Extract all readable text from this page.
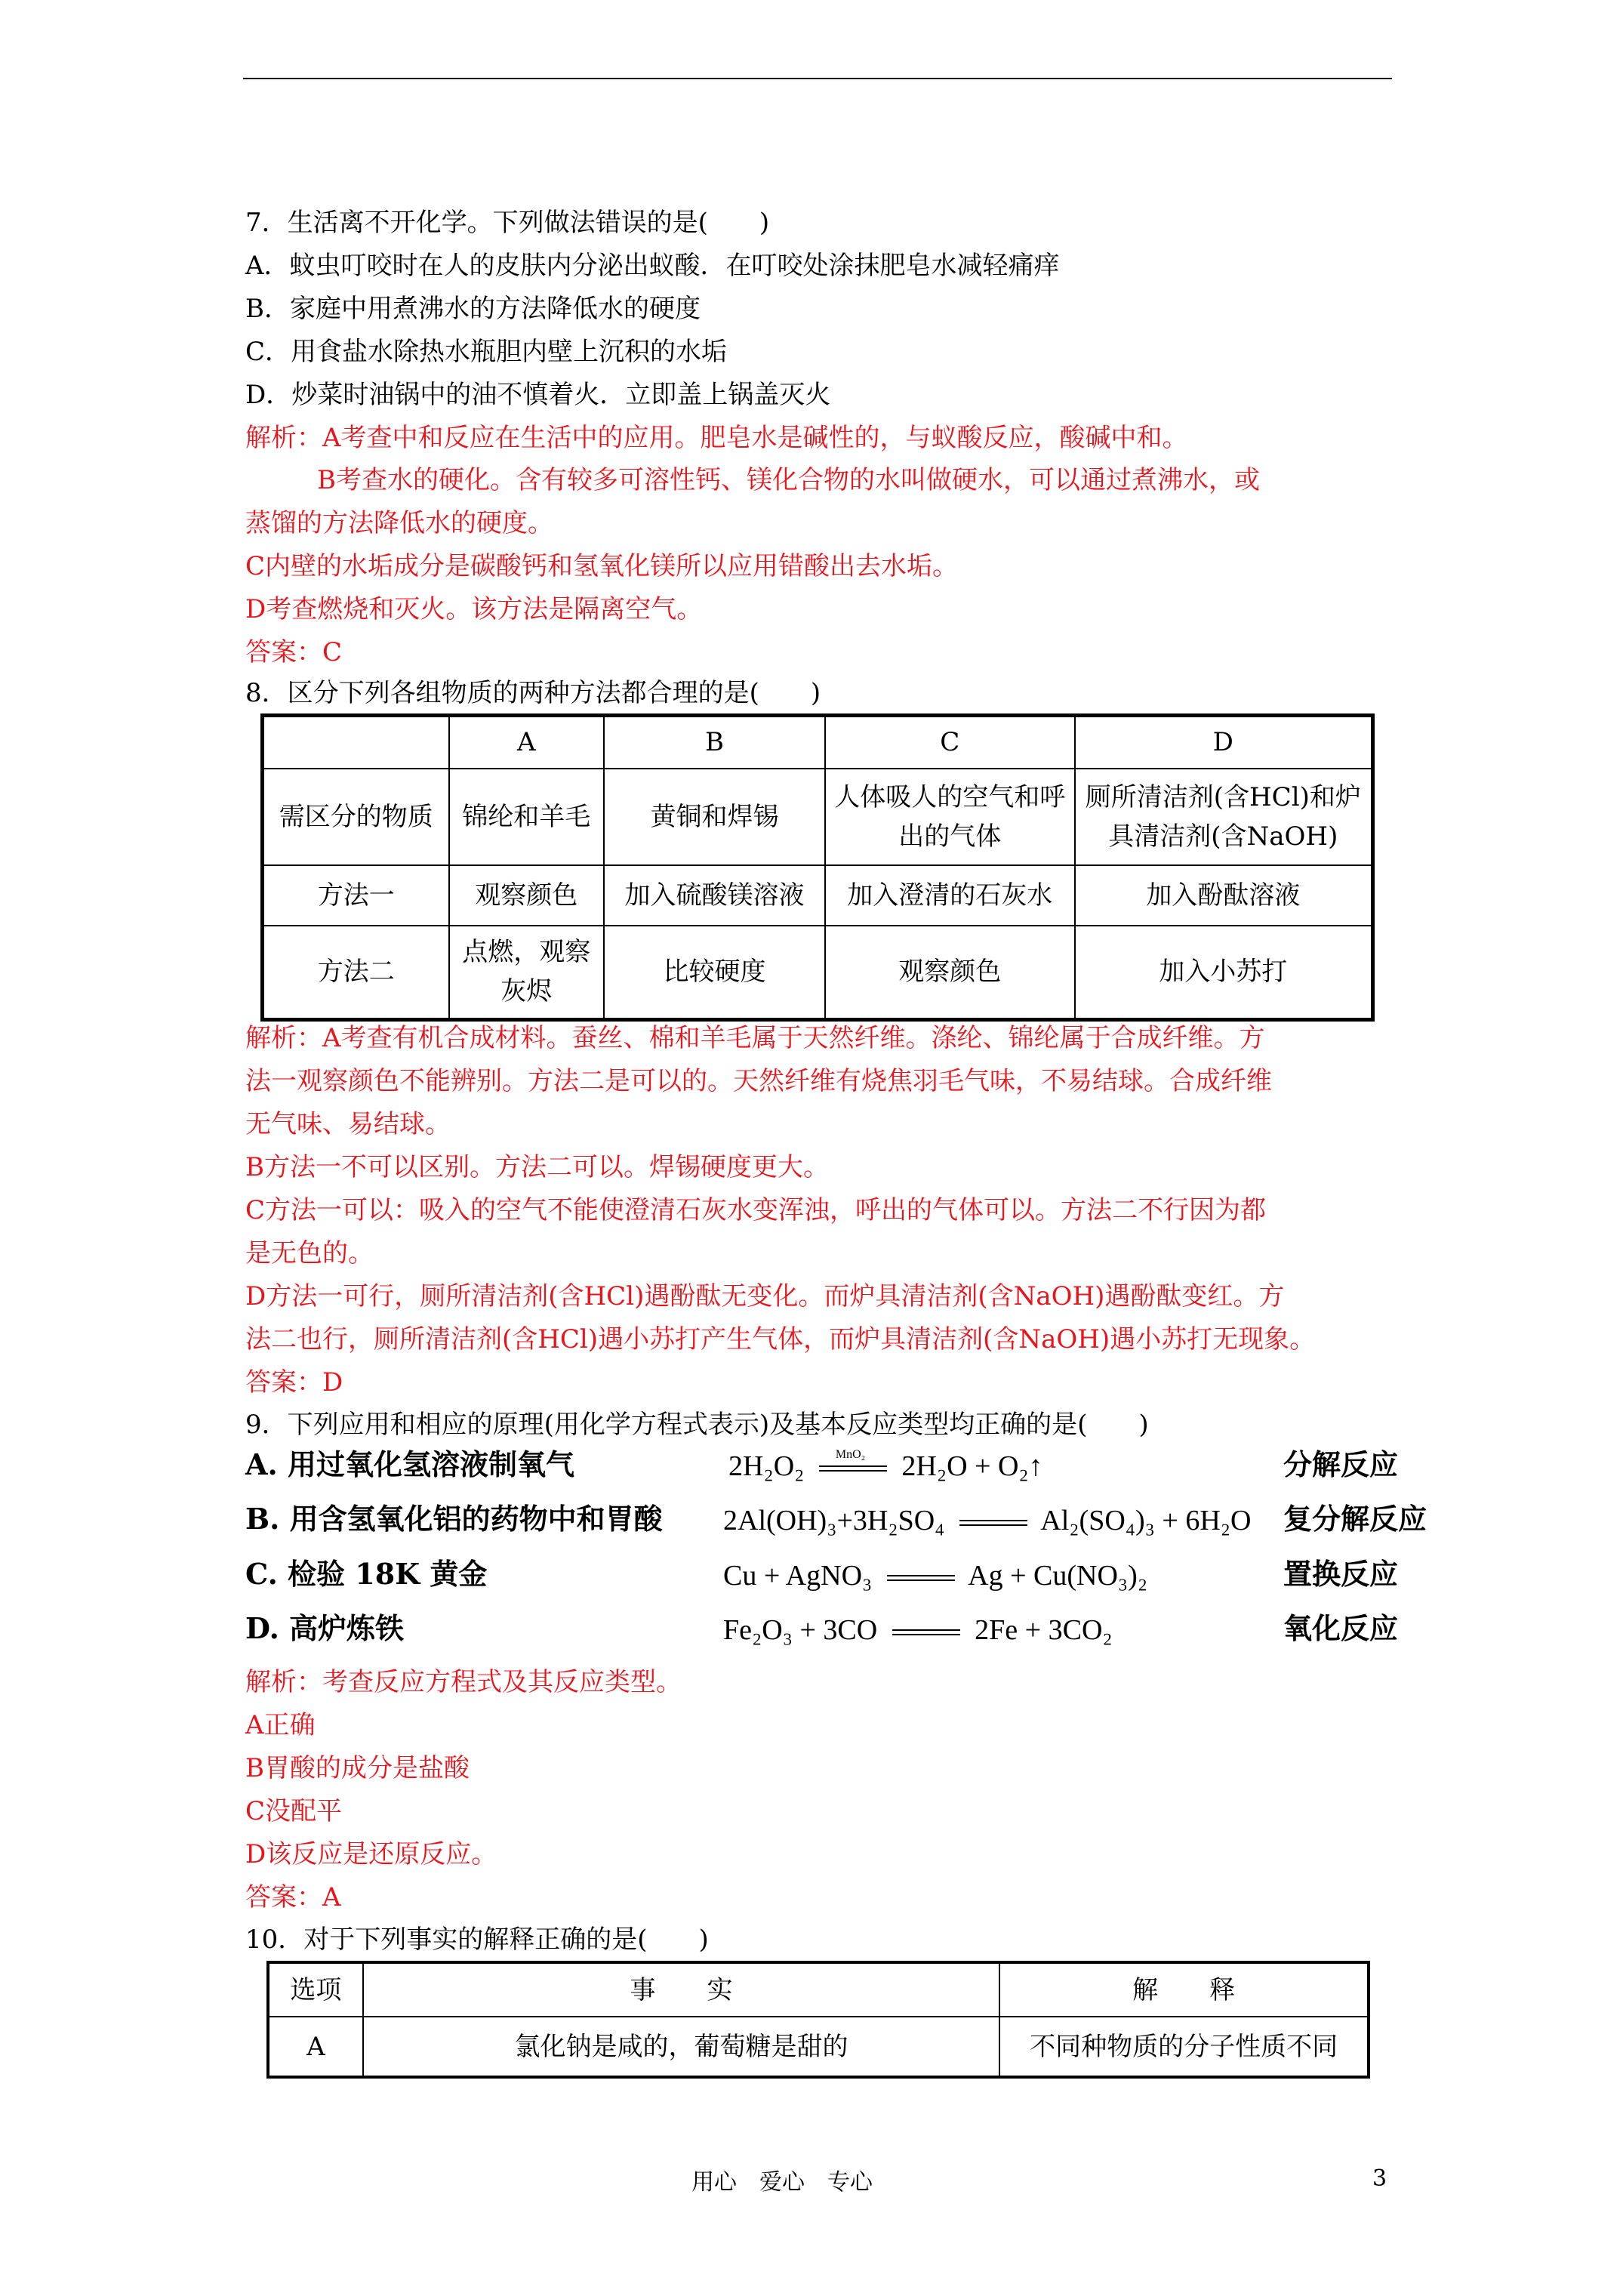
7．生活离不开化学。下列做法错误的是(　　)
A．蚊虫叮咬时在人的皮肤内分泌出蚁酸．在叮咬处涂抹肥皂水减轻痛痒
B．家庭中用煮沸水的方法降低水的硬度
C．用食盐水除热水瓶胆内壁上沉积的水垢
D．炒菜时油锅中的油不慎着火．立即盖上锅盖灭火
解析：A考查中和反应在生活中的应用。肥皂水是碱性的，与蚁酸反应，酸碱中和。
B考查水的硬化。含有较多可溶性钙、镁化合物的水叫做硬水，可以通过煮沸水，或
蒸馏的方法降低水的硬度。
C内壁的水垢成分是碳酸钙和氢氧化镁所以应用错酸出去水垢。
D考查燃烧和灭火。该方法是隔离空气。
答案：C
8．区分下列各组物质的两种方法都合理的是(　　)
	A	B	C	D
需区分的物质	锦纶和羊毛	黄铜和焊锡	人体吸人的空气和呼出的气体	厕所清洁剂(含HCl)和炉具清洁剂(含NaOH)
方法一	观察颜色	加入硫酸镁溶液	加入澄清的石灰水	加入酚酞溶液
方法二	点燃，观察灰烬	比较硬度	观察颜色	加入小苏打
解析：A考查有机合成材料。蚕丝、棉和羊毛属于天然纤维。涤纶、锦纶属于合成纤维。方
法一观察颜色不能辨别。方法二是可以的。天然纤维有烧焦羽毛气味，不易结球。合成纤维
无气味、易结球。
B方法一不可以区别。方法二可以。焊锡硬度更大。
C方法一可以：吸入的空气不能使澄清石灰水变浑浊，呼出的气体可以。方法二不行因为都
是无色的。
D方法一可行，厕所清洁剂(含HCl)遇酚酞无变化。而炉具清洁剂(含NaOH)遇酚酞变红。方
法二也行，厕所清洁剂(含HCl)遇小苏打产生气体，而炉具清洁剂(含NaOH)遇小苏打无现象。
答案：D
9．下列应用和相应的原理(用化学方程式表示)及基本反应类型均正确的是(　　)
A. 用过氧化氢溶液制氧气	2H₂O₂	MnO₂ 2H₂O + O₂↑	分解反应
B. 用含氢氧化铝的药物中和胃酸 2Al(OH)₃+3H₂SO₄	Al₂(SO₄)₃ + 6H₂O 复分解反应
C. 检验 18K 黄金	Cu + AgNO₃	Ag + Cu(NO₃)₂	置换反应
D. 高炉炼铁	Fe₂O₃ + 3CO	2Fe + 3CO₂	氧化反应
解析：考查反应方程式及其反应类型。
A正确
B胃酸的成分是盐酸
C没配平
D该反应是还原反应。
答案：A
10．对于下列事实的解释正确的是(　　)
选项	事　　实	解　　释
A	氯化钠是咸的，葡萄糖是甜的	不同种物质的分子性质不同
用心　爱心　专心	3
